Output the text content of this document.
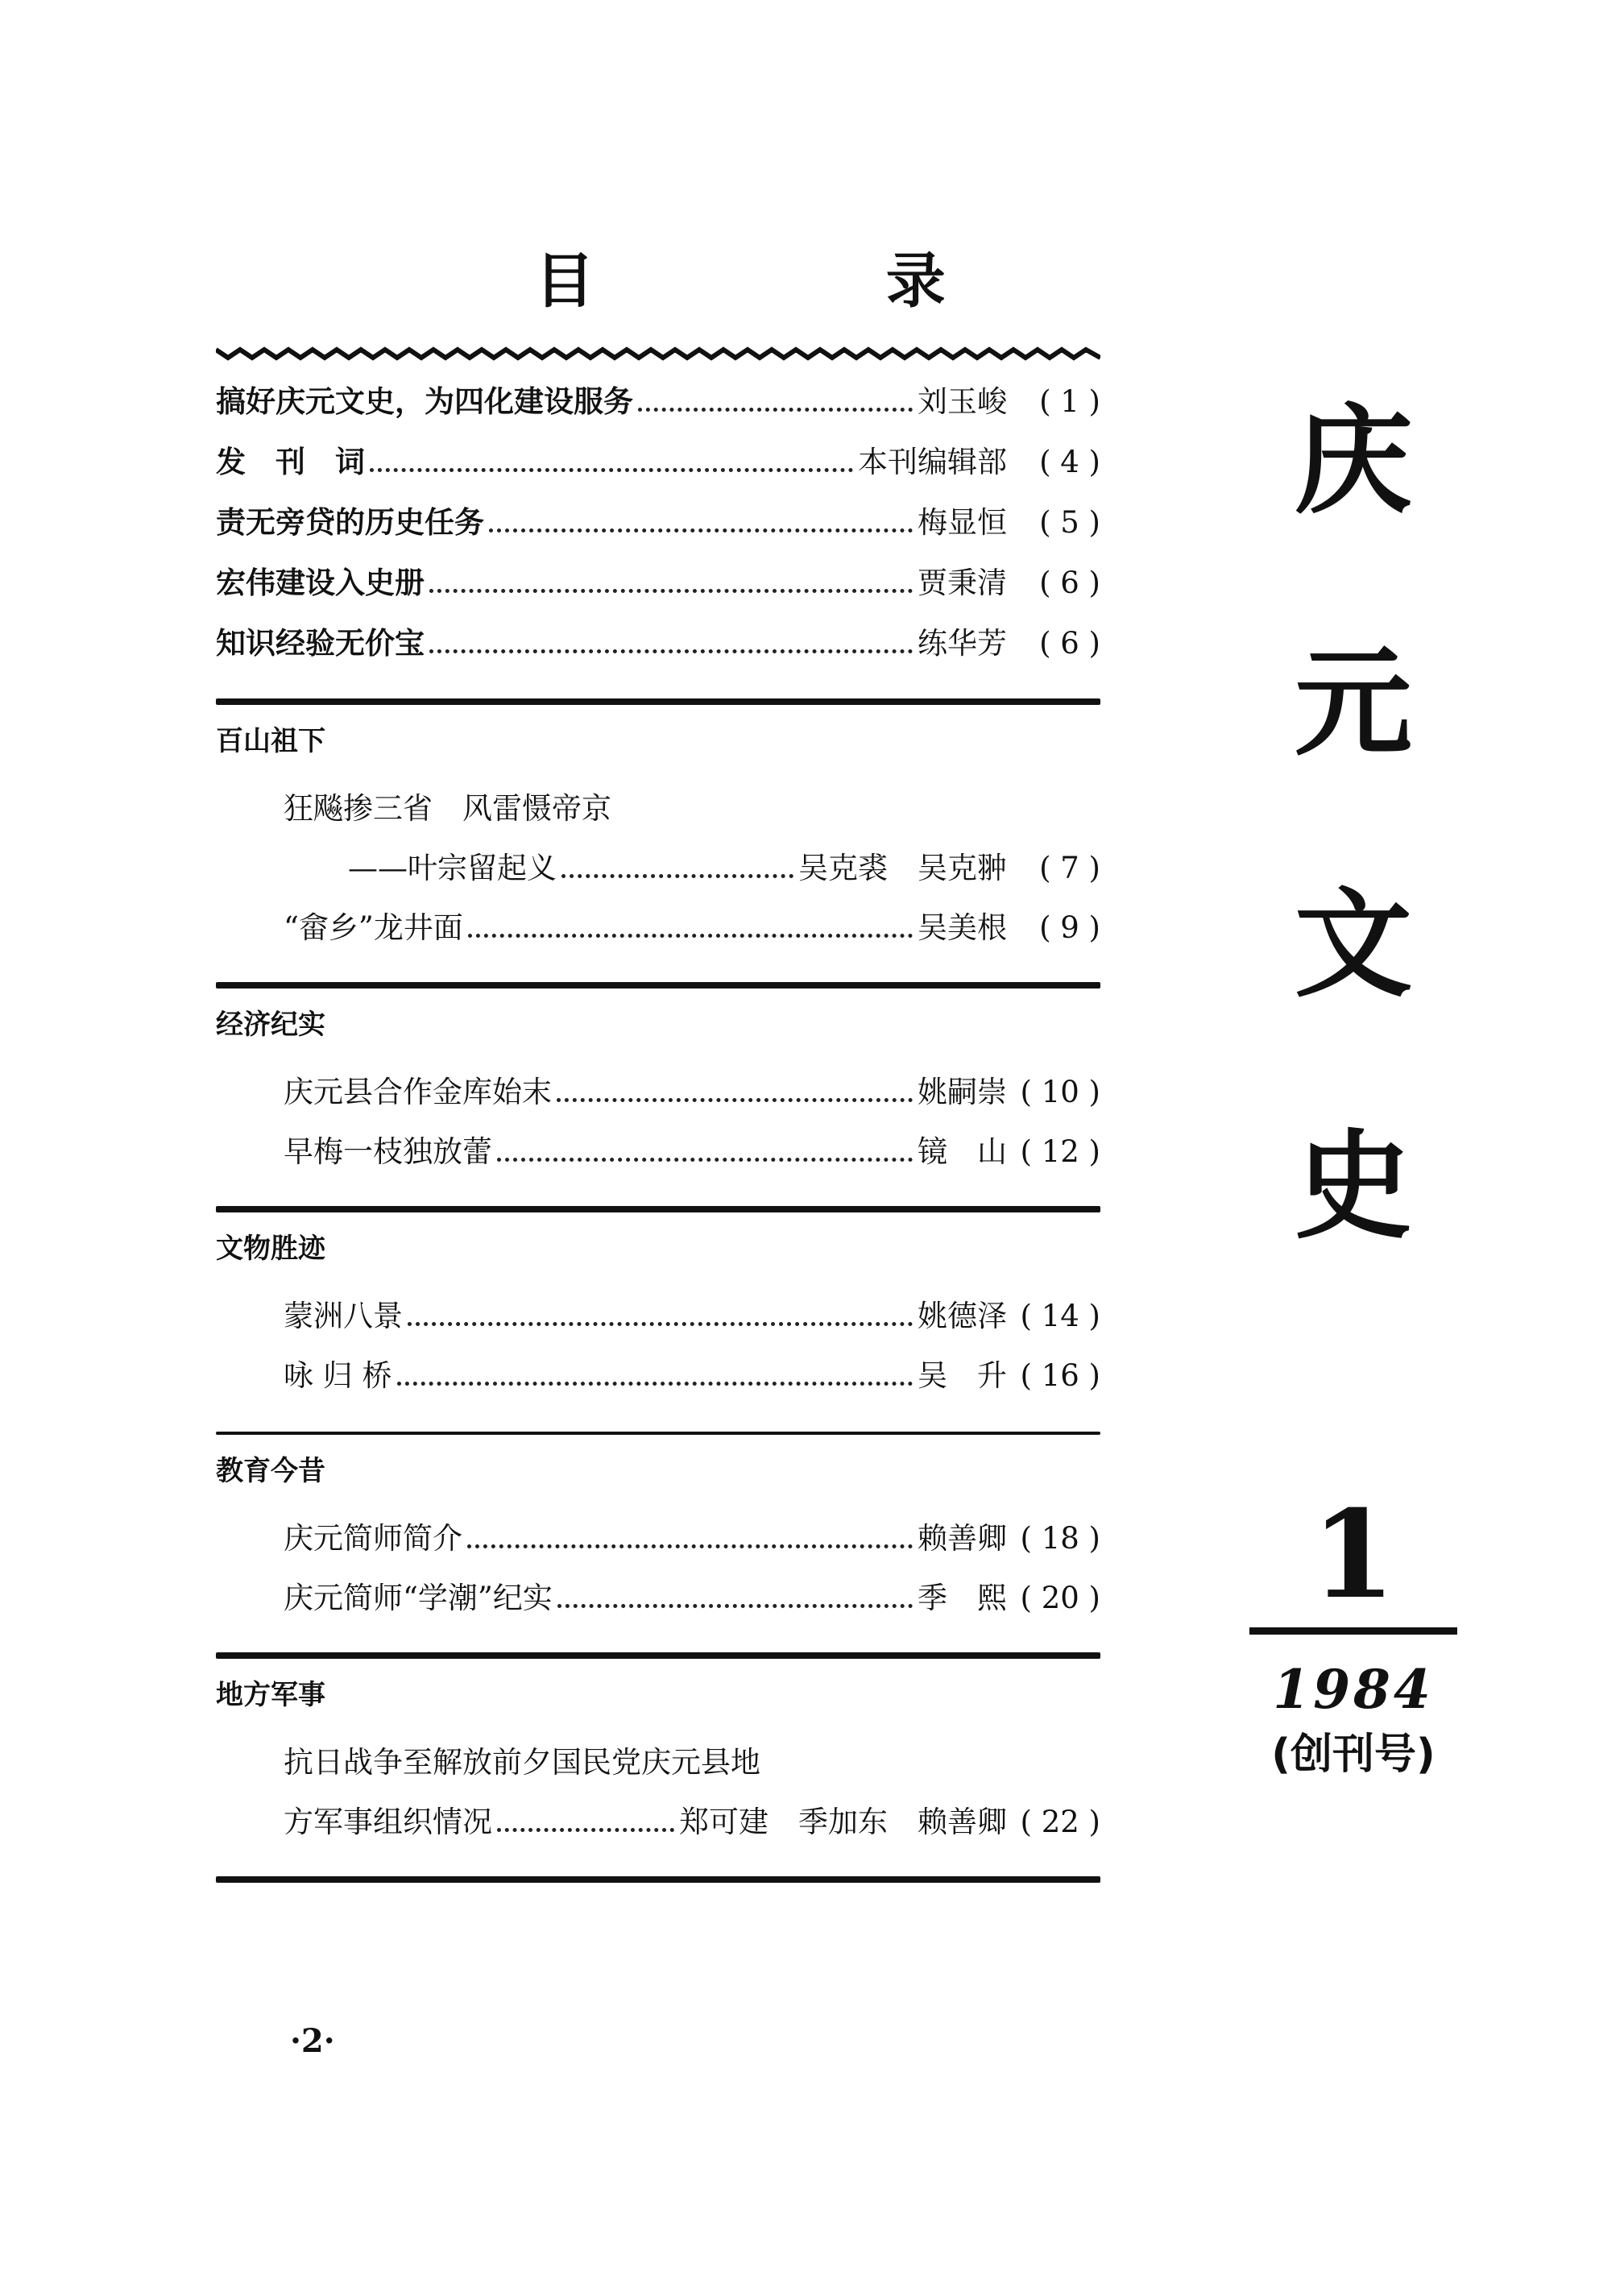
目 录
搞好庆元文史，为四化建设服务	刘玉峻	( 1 )
发　刊　词	本刊编辑部	( 4 )
责无旁贷的历史任务	梅显恒	( 5 )
宏伟建设入史册	贾秉清	( 6 )
知识经验无价宝	练华芳	( 6 )
百山祖下
狂飚掺三省　风雷慑帝京
——叶宗留起义	吴克裘　吴克翀	( 7 )
“畲乡”龙井面	吴美根	( 9 )
经济纪实
庆元县合作金库始末	姚嗣崇 ( 10 )
早梅一枝独放蕾	镜　山 ( 12 )
文物胜迹
蒙洲八景	姚德泽 ( 14 )
咏 归 桥	吴　升 ( 16 )
教育今昔
庆元简师简介	赖善卿 ( 18 )
庆元简师“学潮”纪实	季　熙 ( 20 )
地方军事
抗日战争至解放前夕国民党庆元县地
方军事组织情况	郑可建　季加东　赖善卿 ( 22 )
庆
元
文
史
1
1984
(创刊号)
·2·
